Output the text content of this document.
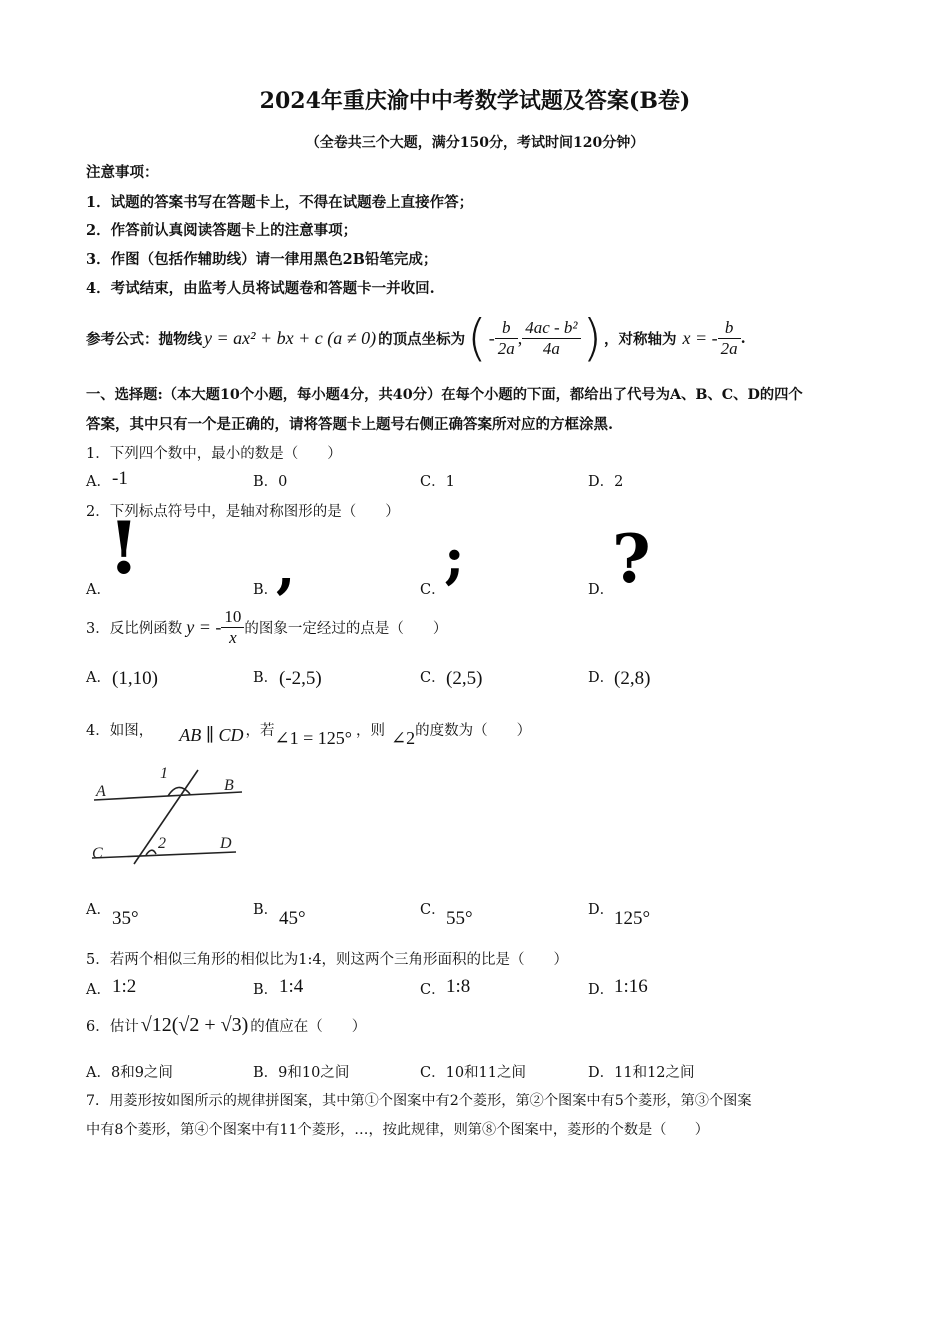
2024年重庆渝中中考数学试题及答案(B卷)
（全卷共三个大题，满分150分，考试时间120分钟）
注意事项：
1．试题的答案书写在答题卡上，不得在试题卷上直接作答；
2．作答前认真阅读答题卡上的注意事项；
3．作图（包括作辅助线）请一律用黑色2B铅笔完成；
4．考试结束，由监考人员将试题卷和答题卡一并收回.
参考公式：抛物线 y = ax² + bx + c (a ≠ 0) 的顶点坐标为 ( - $\frac{b}{2a}$ , $\frac{\text{4ac - b²}}{4a}$ ) ，对称轴为 x = - $\frac{b}{2a}$ .
一、选择题:（本大题10个小题，每小题4分，共40分）在每个小题的下面，都给出了代号为A、B、C、D的四个
答案，其中只有一个是正确的，请将答题卡上题号右侧正确答案所对应的方框涂黑.
1．下列四个数中，最小的数是（　　）
A． -1	B．0	C．1	D．2
2．下列标点符号中，是轴对称图形的是（　　）
A．
!	B．
,	C．
;	D．
?
3．反比例函数 y = - $\frac{10}{x}$ 的图象一定经过的点是（　　）
A． (1,10)	B． (-2,5)	C． (2,5)	D． (2,8)
4．如图， AB ∥ CD ，若 ∠1 = 125° ，则 ∠2 的度数为（　　）
A	B
C
D
1
2
A． 35°	B． 45°	C． 55°	D． 125°
5．若两个相似三角形的相似比为1:4，则这两个三角形面积的比是（　　）
A． 1:2	B． 1:4	C． 1:8	D． 1:16
6．估计 √12(√2 + √3) 的值应在（　　）
A．8和9之间	B．9和10之间	C．10和11之间	D．11和12之间
7．用菱形按如图所示的规律拼图案，其中第①个图案中有2个菱形，第②个图案中有5个菱形，第③个图案
中有8个菱形，第④个图案中有11个菱形，…，按此规律，则第⑧个图案中，菱形的个数是（　　）
